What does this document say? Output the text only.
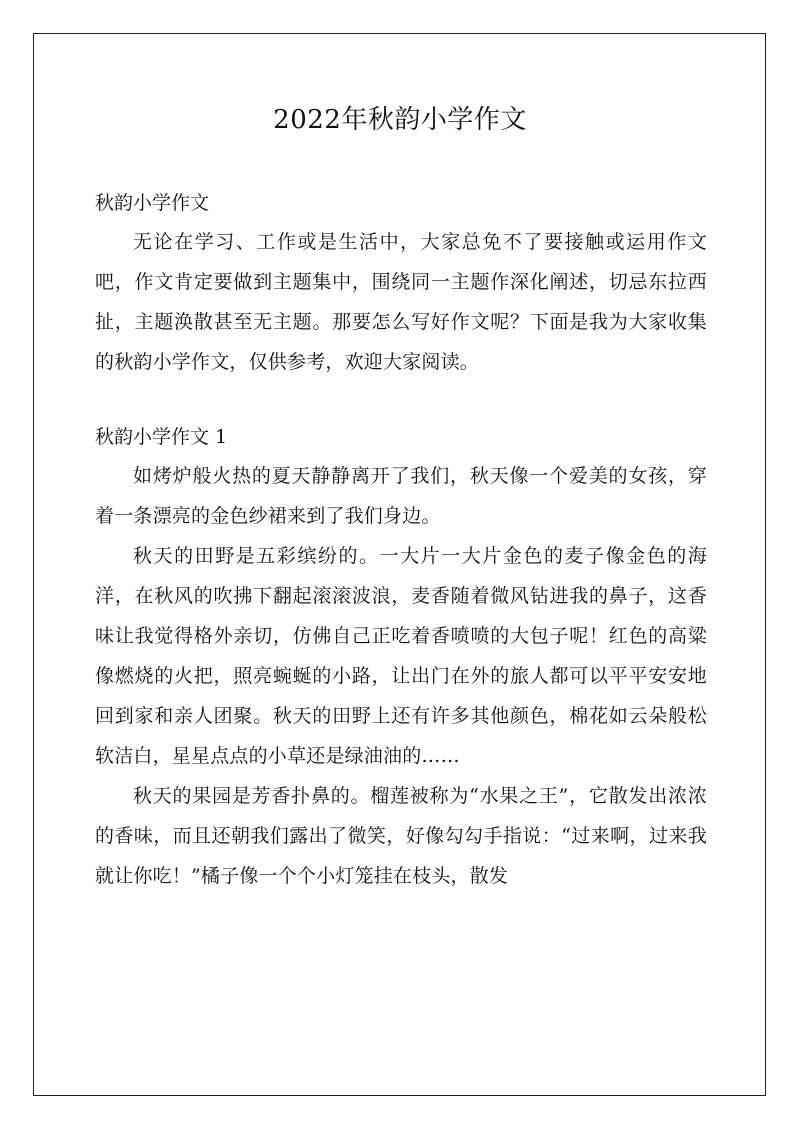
2022年秋韵小学作文
秋韵小学作文

无论在学习、工作或是生活中，大家总免不了要接触或运用作文吧，作文肯定要做到主题集中，围绕同一主题作深化阐述，切忌东拉西扯，主题涣散甚至无主题。那要怎么写好作文呢？下面是我为大家收集的秋韵小学作文，仅供参考，欢迎大家阅读。

秋韵小学作文 1

如烤炉般火热的夏天静静离开了我们，秋天像一个爱美的女孩，穿着一条漂亮的金色纱裙来到了我们身边。

秋天的田野是五彩缤纷的。一大片一大片金色的麦子像金色的海洋，在秋风的吹拂下翻起滚滚波浪，麦香随着微风钻进我的鼻子，这香味让我觉得格外亲切，仿佛自己正吃着香喷喷的大包子呢！红色的高粱像燃烧的火把，照亮蜿蜒的小路，让出门在外的旅人都可以平平安安地回到家和亲人团聚。秋天的田野上还有许多其他颜色，棉花如云朵般松软洁白，星星点点的小草还是绿油油的……

秋天的果园是芳香扑鼻的。榴莲被称为“水果之王”，它散发出浓浓的香味，而且还朝我们露出了微笑，好像勾勾手指说：“过来啊，过来我就让你吃！”橘子像一个个小灯笼挂在枝头，散发
